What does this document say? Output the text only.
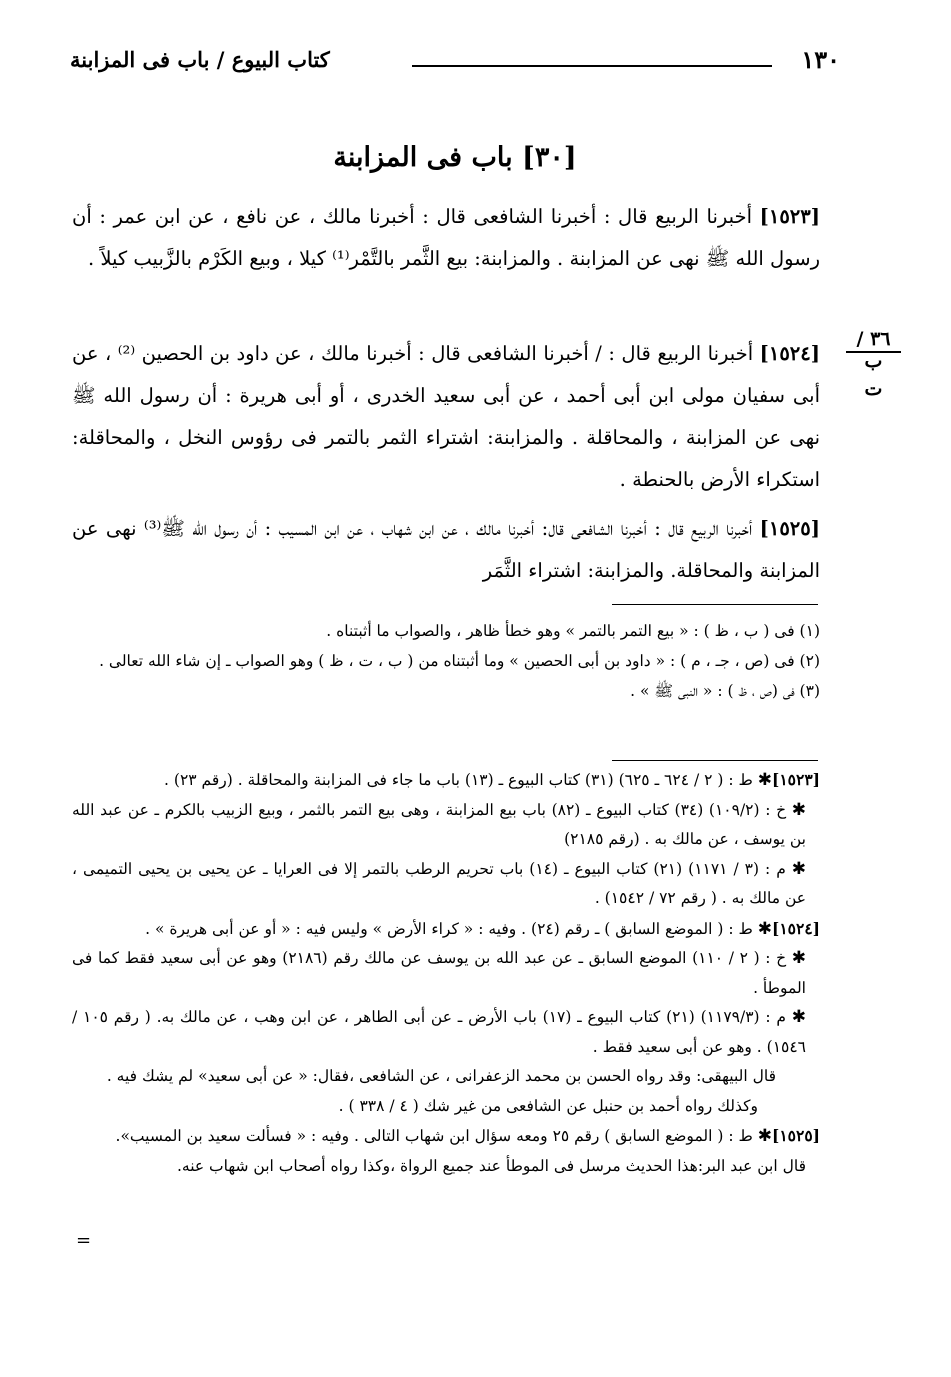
١٣٠
كتاب البيوع / باب فى المزابنة
[٣٠] باب فى المزابنة
[١٥٢٣] أخبرنا الربيع قال : أخبرنا الشافعى قال : أخبرنا مالك ، عن نافع ، عن ابن عمر : أن رسول الله ﷺ نهى عن المزابنة . والمزابنة: بيع الثَّمر بالتَّمْر⁽¹⁾ كيلا ، وبيع الكَرْم بالزَّبيب كيلاً .
[١٥٢٤] أخبرنا الربيع قال : / أخبرنا الشافعى قال : أخبرنا مالك ، عن داود بن الحصين ⁽²⁾ ، عن أبى سفيان مولى ابن أبى أحمد ، عن أبى سعيد الخدرى ، أو أبى هريرة : أن رسول الله ﷺ نهى عن المزابنة ، والمحاقلة . والمزابنة: اشتراء الثمر بالتمر فى رؤوس النخل ، والمحاقلة: استكراء الأرض بالحنطة .
[١٥٢٥] أخبرنا الربيع قال : أخبرنا الشافعى قال: أخبرنا مالك ، عن ابن شهاب ، عن ابن المسيب : أن رسول الله ﷺ⁽³⁾ نهى عن المزابنة والمحاقلة. والمزابنة: اشتراء الثَّمَر
٣٦ / ب
ت

(١) فى ( ب ، ظ ) : « بيع التمر بالتمر » وهو خطأ ظاهر ، والصواب ما أثبتناه .

(٢) فى (ص ، جـ ، م ) : « داود بن أبى الحصين » وما أثبتناه من ( ب ، ت ، ظ ) وهو الصواب ـ إن شاء الله تعالى .

(٣) فى (ص ، ظ ) : « النبى ﷺ » .

[١٥٢٣]✱ ط : ( ٢ / ٦٢٤ ـ ٦٢٥) (٣١) كتاب البيوع ـ (١٣) باب ما جاء فى المزابنة والمحاقلة . (رقم ٢٣) .

✱ خ : (١٠٩/٢) (٣٤) كتاب البيوع ـ (٨٢) باب بيع المزابنة ، وهى بيع التمر بالثمر ، وبيع الزبيب بالكرم ـ عن عبد الله بن يوسف ، عن مالك به . (رقم ٢١٨٥)

✱ م : (٣ / ١١٧١) (٢١) كتاب البيوع ـ (١٤) باب تحريم الرطب بالتمر إلا فى العرايا ـ عن يحيى بن يحيى التميمى ، عن مالك به . ( رقم ٧٢ / ١٥٤٢) .

[١٥٢٤]✱ ط : ( الموضع السابق ) ـ رقم (٢٤) . وفيه : « كراء الأرض » وليس فيه : « أو عن أبى هريرة » .

✱ خ : ( ٢ / ١١٠) الموضع السابق ـ عن عبد الله بن يوسف عن مالك رقم (٢١٨٦) وهو عن أبى سعيد فقط كما فى الموطأ .

✱ م : (١١٧٩/٣) (٢١) كتاب البيوع ـ (١٧) باب الأرض ـ عن أبى الطاهر ، عن ابن وهب ، عن مالك به. ( رقم ١٠٥ / ١٥٤٦) . وهو عن أبى سعيد فقط .

قال البيهقى: وقد رواه الحسن بن محمد الزعفرانى ، عن الشافعى ،فقال: « عن أبى سعيد» لم يشك فيه .

وكذلك رواه أحمد بن حنبل عن الشافعى من غير شك ( ٤ / ٣٣٨ ) .

[١٥٢٥]✱ ط : ( الموضع السابق ) رقم ٢٥ ومعه سؤال ابن شهاب التالى . وفيه : « فسألت سعيد بن المسيب».

قال ابن عبد البر:هذا الحديث مرسل فى الموطأ عند جميع الرواة ،وكذا رواه أصحاب ابن شهاب عنه.

=
